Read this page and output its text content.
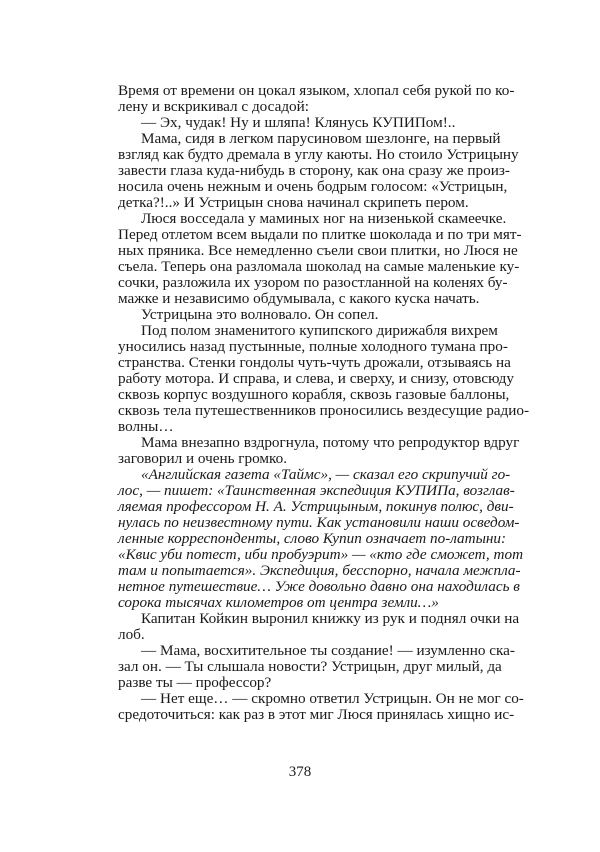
Время от времени он цокал языком, хлопал себя рукой по ко-
лену и вскрикивал с досадой:
— Эх, чудак! Ну и шляпа! Клянусь КУПИПом!..
Мама, сидя в легком парусиновом шезлонге, на первый
взгляд как будто дремала в углу каюты. Но стоило Устрицыну
завести глаза куда-нибудь в сторону, как она сразу же произ-
носила очень нежным и очень бодрым голосом: «Устрицын,
детка?!..» И Устрицын снова начинал скрипеть пером.
Люся восседала у маминых ног на низенькой скамеечке.
Перед отлетом всем выдали по плитке шоколада и по три мят-
ных пряника. Все немедленно съели свои плитки, но Люся не
съела. Теперь она разломала шоколад на самые маленькие ку-
сочки, разложила их узором по разостланной на коленях бу-
мажке и независимо обдумывала, с какого куска начать.
Устрицына это волновало. Он сопел.
Под полом знаменитого купипского дирижабля вихрем
уносились назад пустынные, полные холодного тумана про-
странства. Стенки гондолы чуть-чуть дрожали, отзываясь на
работу мотора. И справа, и слева, и сверху, и снизу, отовсюду
сквозь корпус воздушного корабля, сквозь газовые баллоны,
сквозь тела путешественников проносились вездесущие радио-
волны…
Мама внезапно вздрогнула, потому что репродуктор вдруг
заговорил и очень громко.
«Английская газета «Таймс», — сказал его скрипучий го-
лос, — пишет: «Таинственная экспедиция КУПИПа, возглав-
ляемая профессором Н. А. Устрицыным, покинув полюс, дви-
нулась по неизвестному пути. Как установили наши осведом-
ленные корреспонденты, слово Купип означает по-латыни:
«Квис уби потест, иби пробуэрит» — «кто где сможет, тот
там и попытается». Экспедиция, бесспорно, начала межпла-
нетное путешествие… Уже довольно давно она находилась в
сорока тысячах километров от центра земли…»
Капитан Койкин выронил книжку из рук и поднял очки на
лоб.
— Мама, восхитительное ты создание! — изумленно ска-
зал он. — Ты слышала новости? Устрицын, друг милый, да
разве ты — профессор?
— Нет еще… — скромно ответил Устрицын. Он не мог со-
средоточиться: как раз в этот миг Люся принялась хищно ис-
378
